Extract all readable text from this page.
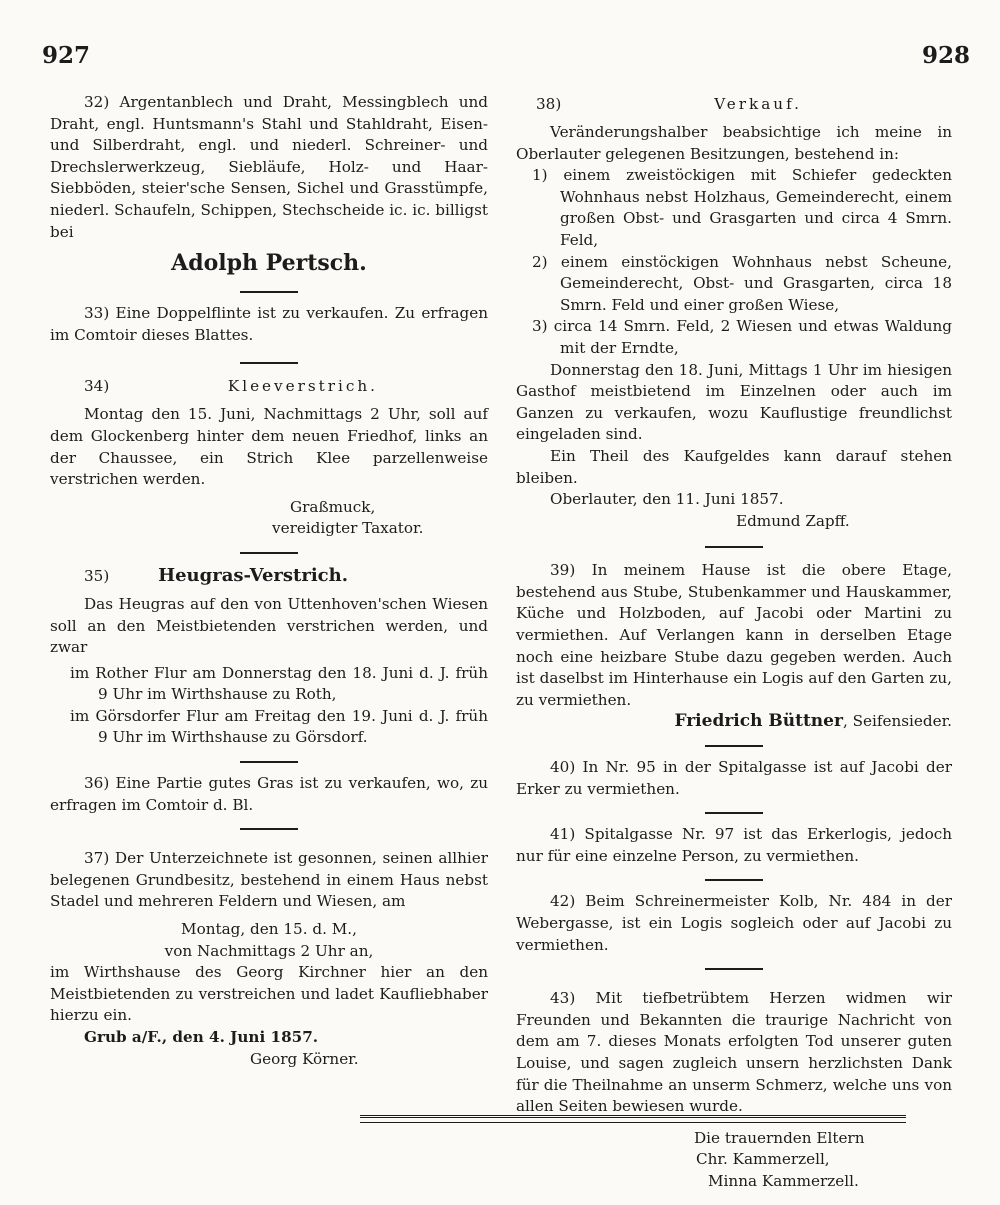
927	928

32) Argentanblech und Draht, Messingblech und Draht, engl. Huntsmann's Stahl und Stahldraht, Eisen- und Silberdraht, engl. und niederl. Schreiner- und Drechslerwerkzeug, Siebläufe, Holz- und Haar-Siebböden, steier'sche Sensen, Sichel und Grasstümpfe, niederl. Schaufeln, Schippen, Stechscheide ic. ic. billigst bei

Adolph Pertsch.

33) Eine Doppelflinte ist zu verkaufen. Zu erfragen im Comtoir dieses Blattes.

34)	Kleeverstrich.

Montag den 15. Juni, Nachmittags 2 Uhr, soll auf dem Glockenberg hinter dem neuen Friedhof, links an der Chaussee, ein Strich Klee parzellenweise verstrichen werden.

Graßmuck,

vereidigter Taxator.

35)	Heugras-Verstrich.

Das Heugras auf den von Uttenhoven'schen Wiesen soll an den Meistbietenden verstrichen werden, und zwar

im Rother Flur am Donnerstag den 18. Juni d. J. früh 9 Uhr im Wirthshause zu Roth,

im Görsdorfer Flur am Freitag den 19. Juni d. J. früh 9 Uhr im Wirthshause zu Görsdorf.

36) Eine Partie gutes Gras ist zu verkaufen, wo, zu erfragen im Comtoir d. Bl.

37) Der Unterzeichnete ist gesonnen, seinen allhier belegenen Grundbesitz, bestehend in einem Haus nebst Stadel und mehreren Feldern und Wiesen, am

Montag, den 15. d. M.,

von Nachmittags 2 Uhr an,

im Wirthshause des Georg Kirchner hier an den Meistbietenden zu verstreichen und ladet Kaufliebhaber hierzu ein.

Grub a/F., den 4. Juni 1857.

Georg Körner.

38)	Verkauf.

Veränderungshalber beabsichtige ich meine in Oberlauter gelegenen Besitzungen, bestehend in:

1) einem zweistöckigen mit Schiefer gedeckten Wohnhaus nebst Holzhaus, Gemeinderecht, einem großen Obst- und Grasgarten und circa 4 Smrn. Feld,

2) einem einstöckigen Wohnhaus nebst Scheune, Gemeinderecht, Obst- und Grasgarten, circa 18 Smrn. Feld und einer großen Wiese,

3) circa 14 Smrn. Feld, 2 Wiesen und etwas Waldung mit der Erndte,

Donnerstag den 18. Juni, Mittags 1 Uhr im hiesigen Gasthof meistbietend im Einzelnen oder auch im Ganzen zu verkaufen, wozu Kauflustige freundlichst eingeladen sind.

Ein Theil des Kaufgeldes kann darauf stehen bleiben.

Oberlauter, den 11. Juni 1857.

Edmund Zapff.

39) In meinem Hause ist die obere Etage, bestehend aus Stube, Stubenkammer und Hauskammer, Küche und Holzboden, auf Jacobi oder Martini zu vermiethen. Auf Verlangen kann in derselben Etage noch eine heizbare Stube dazu gegeben werden. Auch ist daselbst im Hinterhause ein Logis auf den Garten zu, zu vermiethen.

Friedrich Büttner, Seifensieder.

40) In Nr. 95 in der Spitalgasse ist auf Jacobi der Erker zu vermiethen.

41) Spitalgasse Nr. 97 ist das Erkerlogis, jedoch nur für eine einzelne Person, zu vermiethen.

42) Beim Schreinermeister Kolb, Nr. 484 in der Webergasse, ist ein Logis sogleich oder auf Jacobi zu vermiethen.

43) Mit tiefbetrübtem Herzen widmen wir Freunden und Bekannten die traurige Nachricht von dem am 7. dieses Monats erfolgten Tod unserer guten Louise, und sagen zugleich unsern herzlichsten Dank für die Theilnahme an unserm Schmerz, welche uns von allen Seiten bewiesen wurde.

Die trauernden Eltern

Chr. Kammerzell,

Minna Kammerzell.
